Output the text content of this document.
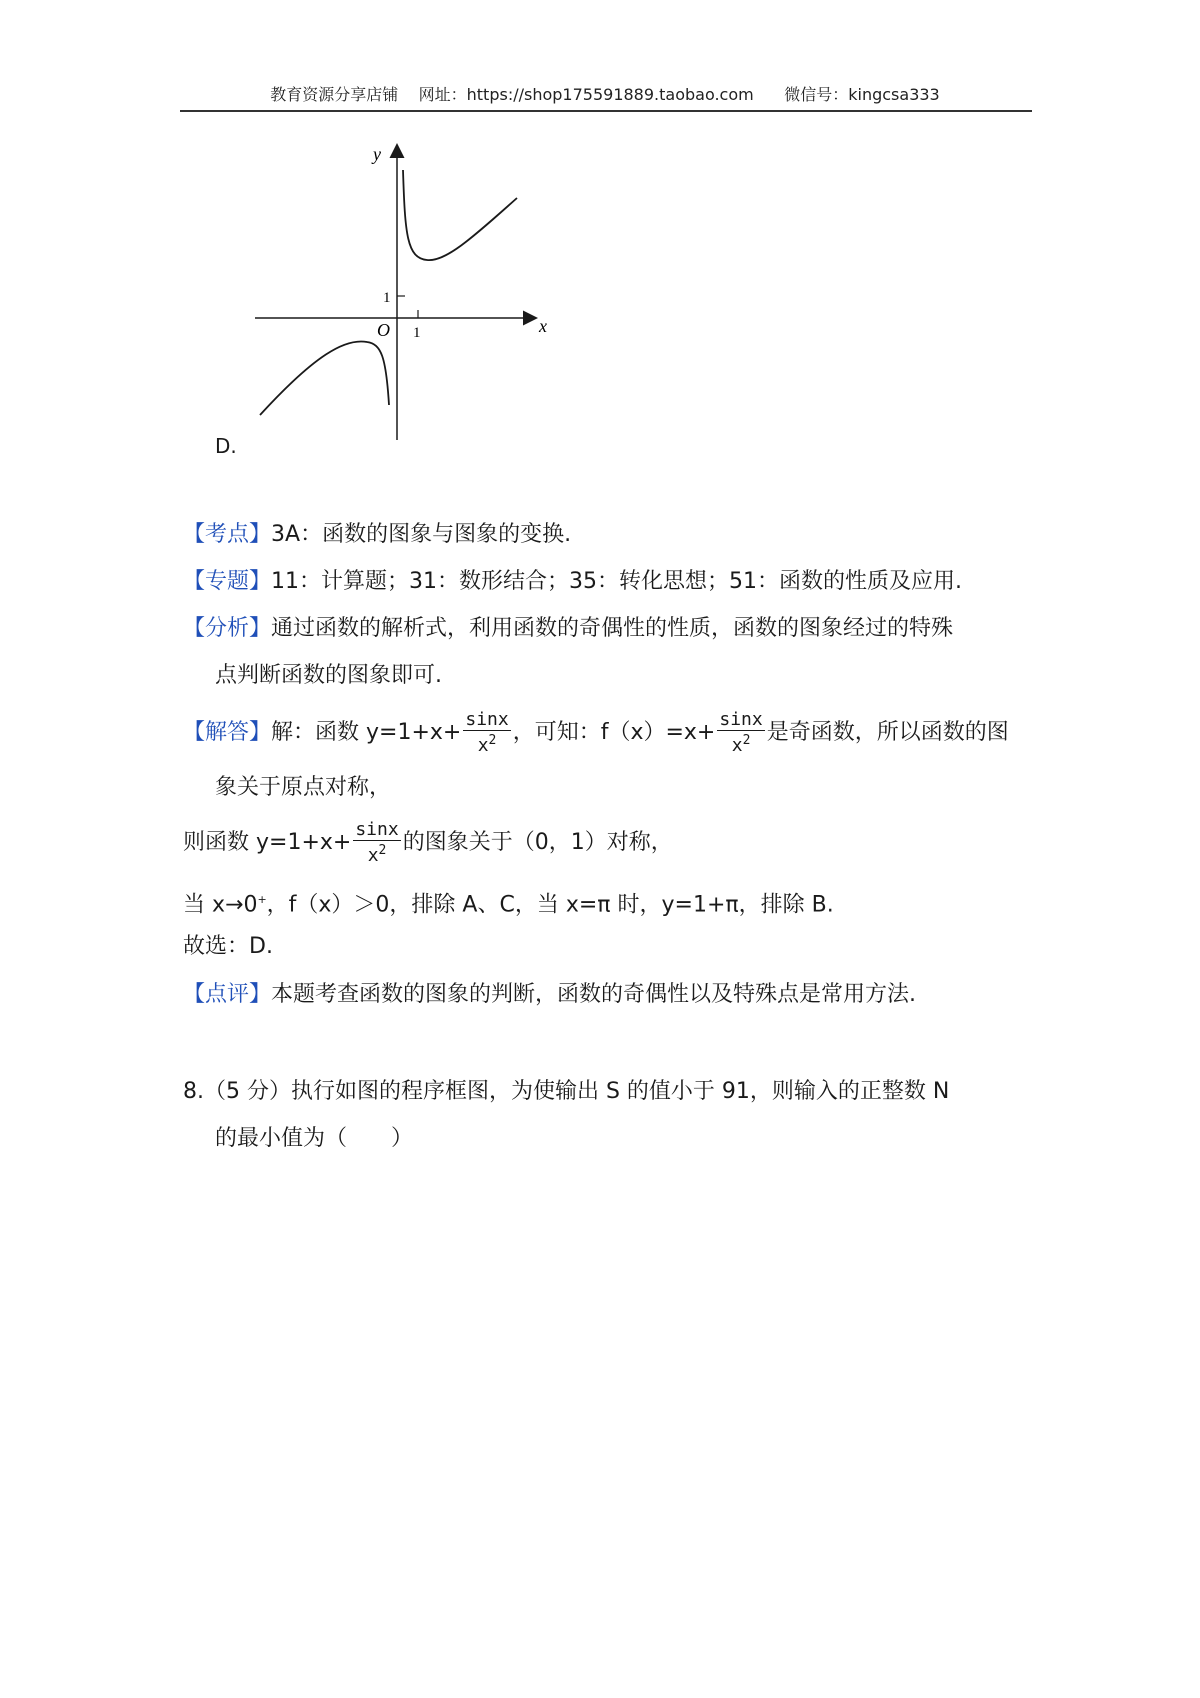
教育资源分享店铺 网址：https://shop175591889.taobao.com 微信号：kingcsa333
y
x
O
1
1
D.
【考点】3A：函数的图象与图象的变换.
【专题】11：计算题；31：数形结合；35：转化思想；51：函数的性质及应用.
【分析】通过函数的解析式，利用函数的奇偶性的性质，函数的图象经过的特殊
点判断函数的图象即可.
【解答】解：函数 $y=1+x+ \frac{\sin x}{x^2}$ ，可知：$f(x)=x+ \frac{\sin x}{x^2}$ 是奇函数，所以函数的图
象关于原点对称，
则函数 $y=1+x+ \frac{\sin x}{x^2}$ 的图象关于（0，1）对称，
当 x→0+，f（x）＞0，排除 A、C，当 x=π 时，y=1+π，排除 B.
故选：D.
【点评】本题考查函数的图象的判断，函数的奇偶性以及特殊点是常用方法.
8.（5 分）执行如图的程序框图，为使输出 S 的值小于 91，则输入的正整数 N
的最小值为（　　）
